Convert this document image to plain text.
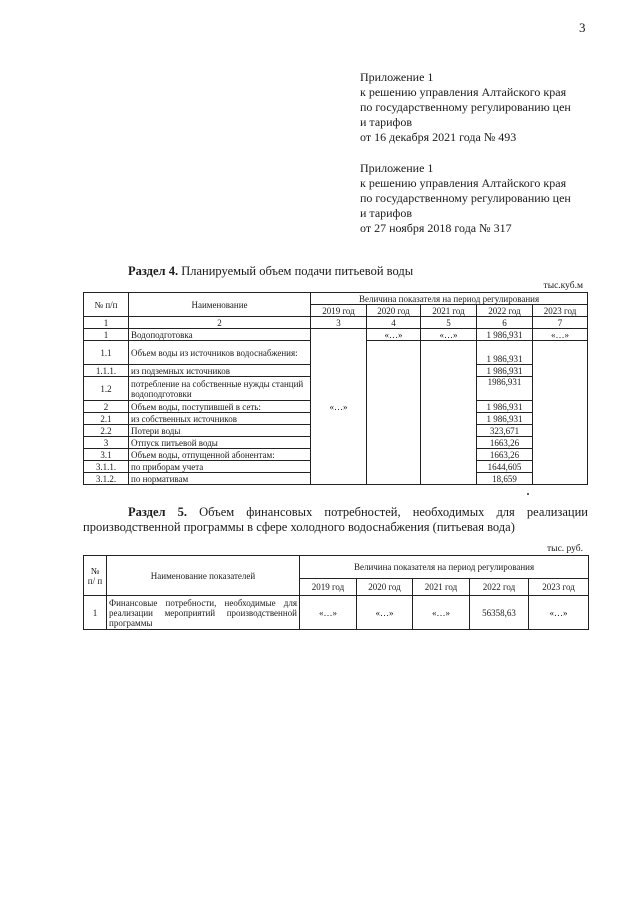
3
Приложение 1
к решению управления Алтайского края
по государственному регулированию цен
и тарифов
от 16 декабря 2021 года № 493
Приложение 1
к решению управления Алтайского края
по государственному регулированию цен
и тарифов
от 27 ноября 2018 года № 317
Раздел 4. Планируемый объем подачи питьевой воды
тыс.куб.м
№ п/п	Наименование	Величина показателя на период регулирования				
		2019 год	2020 год	2021 год	2022 год	2023 год
1	2	3	4	5	6	7
1	Водоподготовка	«…»	«…»	«…»	1 986,931	«…»
1.1	Объем воды из источников водоснабжения:				1 986,931	
1.1.1.	из подземных источников				1 986,931	
1.2	потребление на собственные нужды станций водоподготовки				1986,931	
2	Объем воды, поступившей в сеть:				1 986,931	
2.1	из собственных источников				1 986,931	
2.2	Потери воды				323,671	
3	Отпуск питьевой воды				1663,26	
3.1	Объем воды, отпущенной абонентам:				1663,26	
3.1.1.	по приборам учета				1644,605	
3.1.2.	по нормативам				18,659	
Раздел 5. Объем финансовых потребностей, необходимых для реализации
производственной программы в сфере холодного водоснабжения (питьевая вода)
тыс. руб.
№ п/ п	Наименование показателей	Величина показателя на период регулирования				
		2019 год	2020 год	2021 год	2022 год	2023 год
1	Финансовые потребности, необходимые для реализации мероприятий производственной программы	«…»	«…»	«…»	56358,63	«…»
